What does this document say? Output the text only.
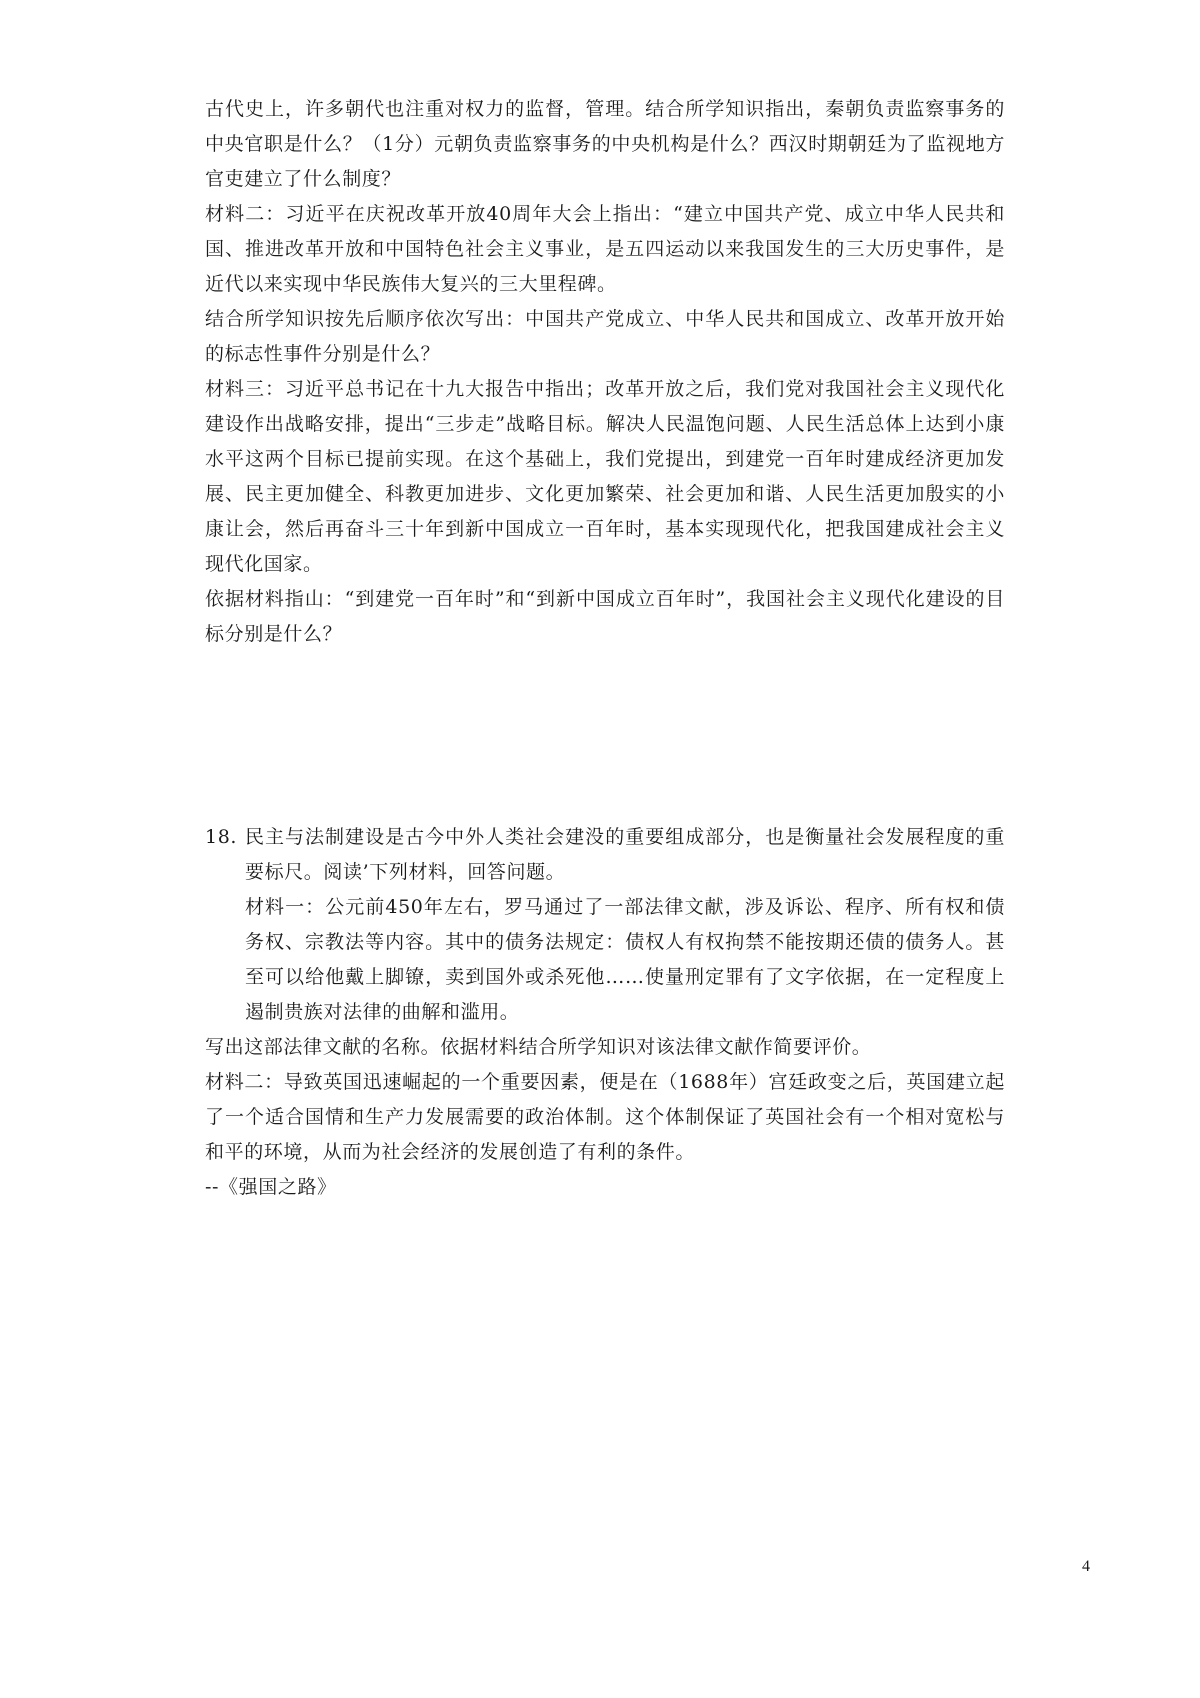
古代史上，许多朝代也注重对权力的监督，管理。结合所学知识指出，秦朝负责监察事务的中央官职是什么？（1分）元朝负责监察事务的中央机构是什么？西汉时期朝廷为了监视地方官吏建立了什么制度？

材料二：习近平在庆祝改革开放40周年大会上指出：“建立中国共产党、成立中华人民共和国、推进改革开放和中国特色社会主义事业，是五四运动以来我国发生的三大历史事件，是近代以来实现中华民族伟大复兴的三大里程碑。

结合所学知识按先后顺序依次写出：中国共产党成立、中华人民共和国成立、改革开放开始的标志性事件分别是什么？

材料三：习近平总书记在十九大报告中指出；改革开放之后，我们党对我国社会主义现代化建设作出战略安排，提出“三步走”战略目标。解决人民温饱问题、人民生活总体上达到小康水平这两个目标已提前实现。在这个基础上，我们党提出，到建党一百年时建成经济更加发展、民主更加健全、科教更加进步、文化更加繁荣、社会更加和谐、人民生活更加殷实的小康让会，然后再奋斗三十年到新中国成立一百年时，基本实现现代化，把我国建成社会主义现代化国家。

依据材料指山：“到建党一百年时”和“到新中国成立百年时”，我国社会主义现代化建设的目标分别是什么？

18. 民主与法制建设是古今中外人类社会建没的重要组成部分，也是衡量社会发展程度的重要标尺。阅读’下列材料，回答问题。

材料一：公元前450年左右，罗马通过了一部法律文献，涉及诉讼、程序、所有权和债务权、宗教法等内容。其中的债务法规定：债权人有权拘禁不能按期还债的债务人。甚至可以给他戴上脚镣，卖到国外或杀死他……使量刑定罪有了文字依据，在一定程度上遏制贵族对法律的曲解和滥用。

写出这部法律文献的名称。依据材料结合所学知识对该法律文献作简要评价。

材料二：导致英国迅速崛起的一个重要因素，便是在（1688年）宫廷政变之后，英国建立起了一个适合国情和生产力发展需要的政治体制。这个体制保证了英国社会有一个相对宽松与和平的环境，从而为社会经济的发展创造了有利的条件。

--《强国之路》

4
